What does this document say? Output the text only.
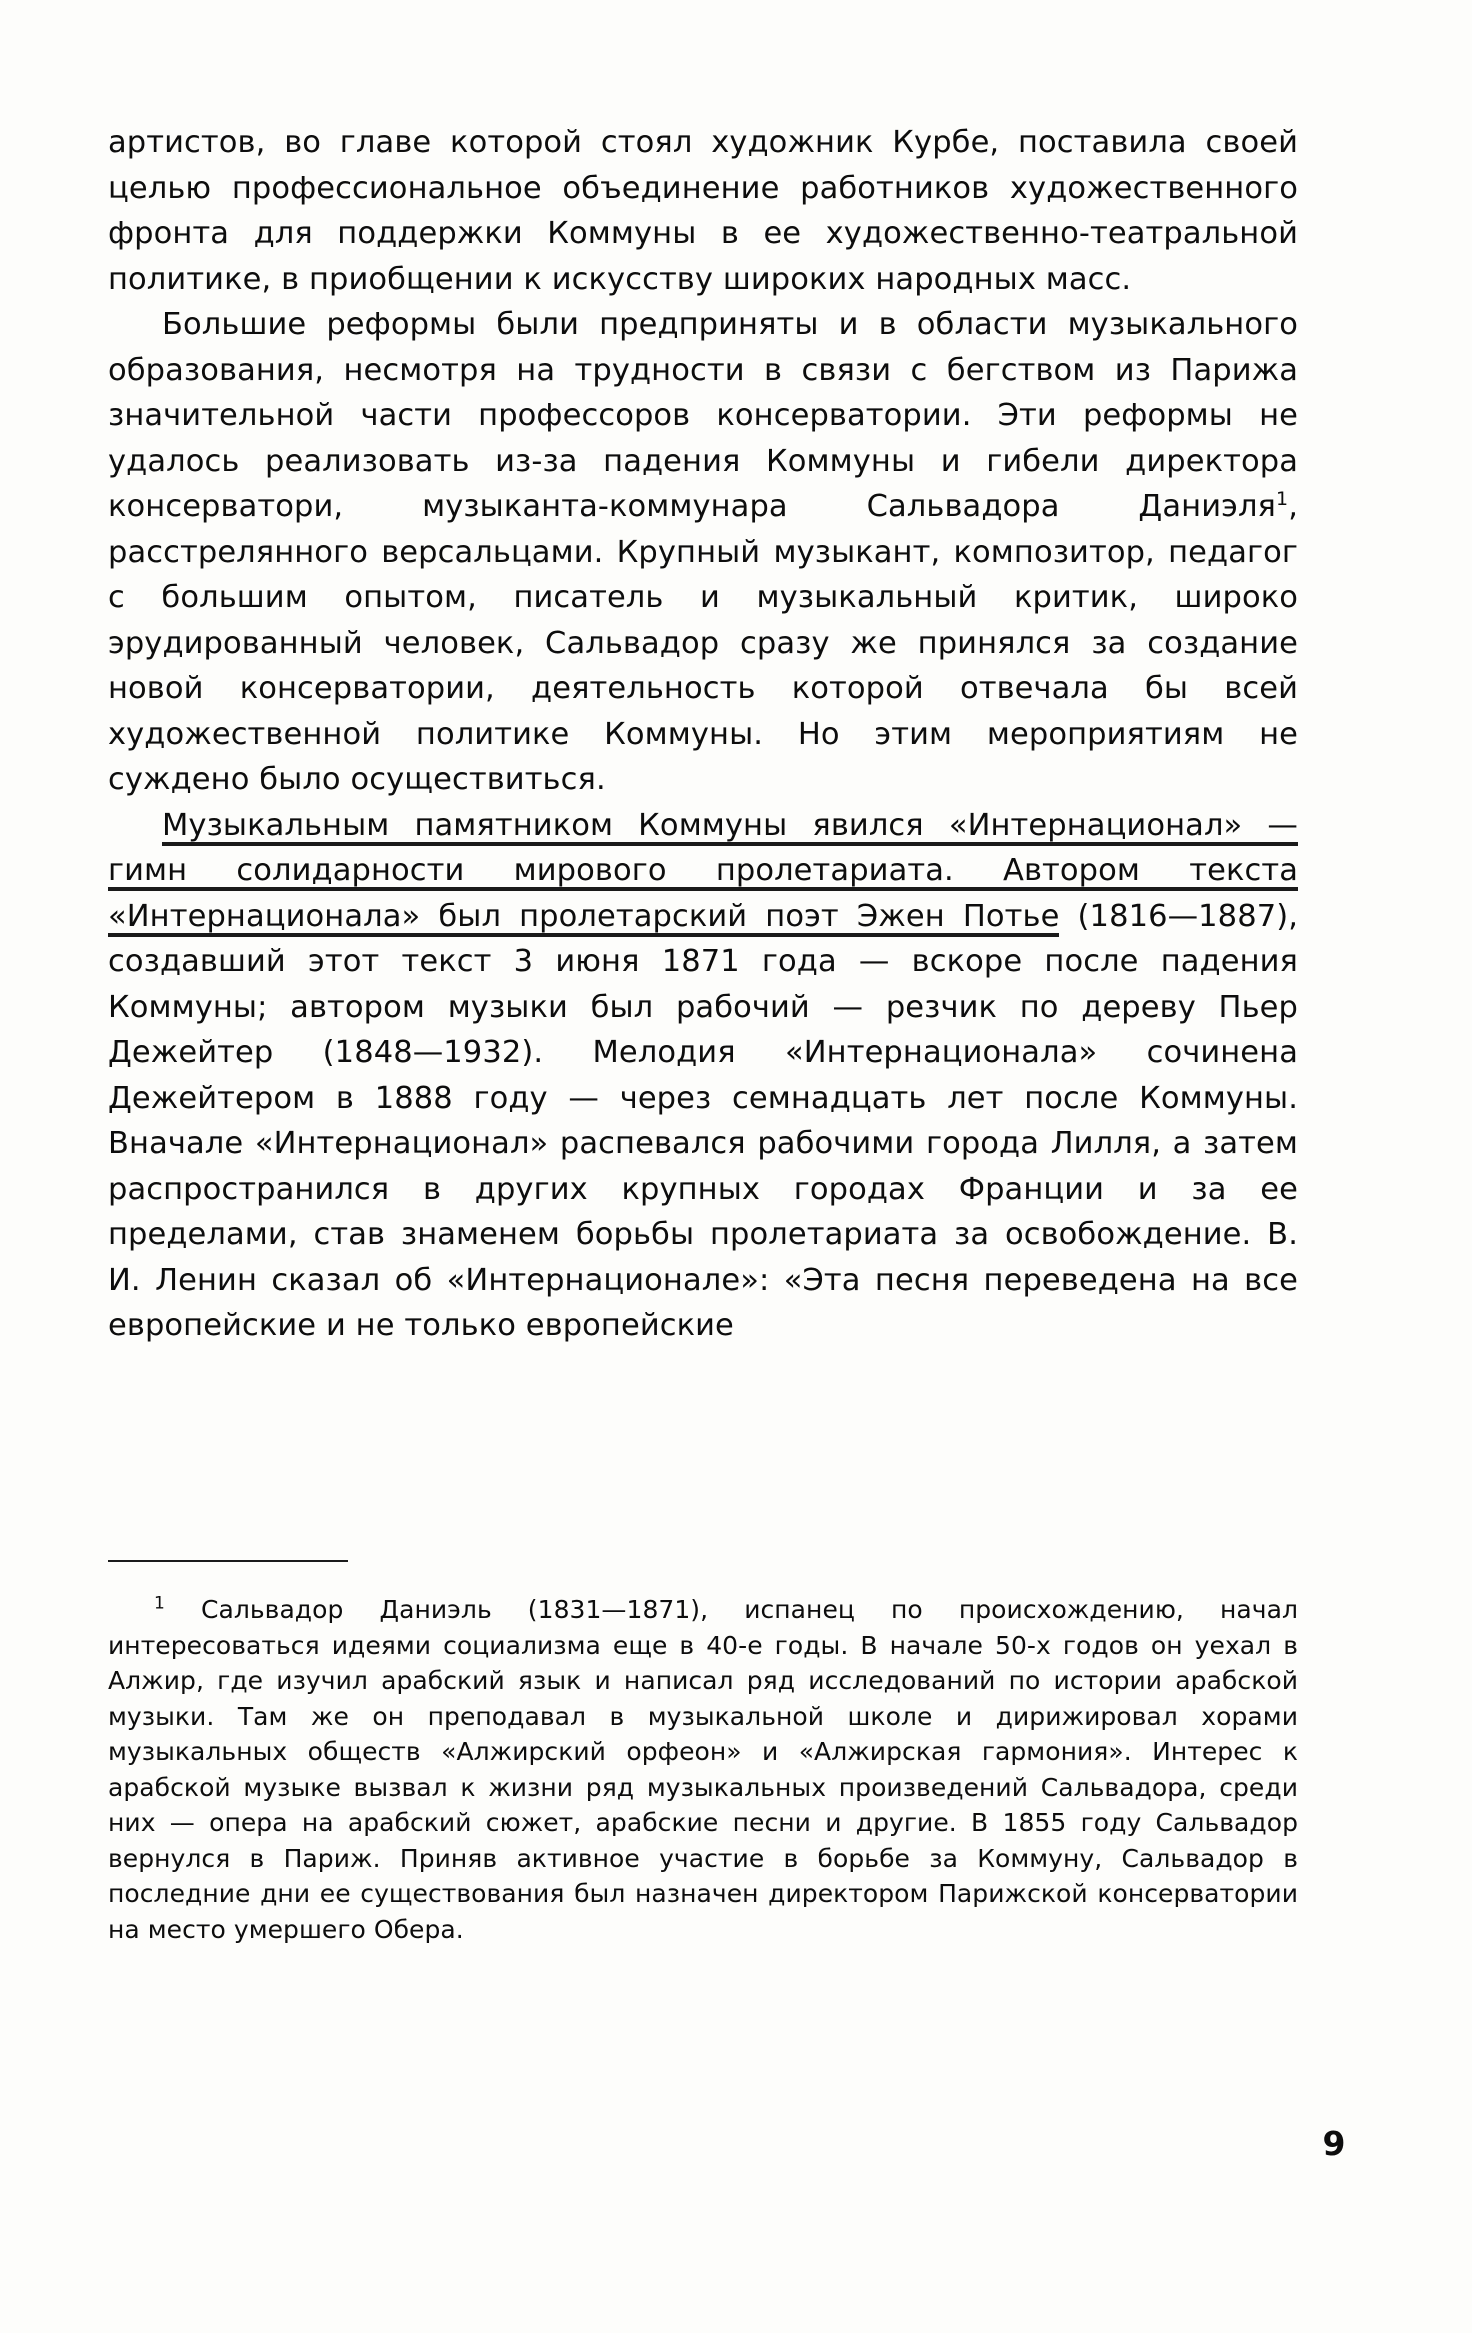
артистов, во главе которой стоял художник Курбе, поставила своей целью профессиональное объединение работников художественного фронта для поддержки Коммуны в ее художественно-театральной политике, в приобщении к искусству широких народных масс.

Большие реформы были предприняты и в области музыкального образования, несмотря на трудности в связи с бегством из Парижа значительной части профессоров консерватории. Эти реформы не удалось реализовать из-за падения Коммуны и гибели директора консерватори, музыканта-коммунара Сальвадора Даниэля$^1$, расстрелянного версальцами. Крупный музыкант, композитор, педагог с большим опытом, писатель и музыкальный критик, широко эрудированный человек, Сальвадор сразу же принялся за создание новой консерватории, деятельность которой отвечала бы всей художественной политике Коммуны. Но этим мероприятиям не суждено было осуществиться.

Музыкальным памятником Коммуны явился «Интернационал» — гимн солидарности мирового пролетариата. Автором текста «Интернационала» был пролетарский поэт Эжен Потье (1816—1887), создавший этот текст 3 июня 1871 года — вскоре после падения Коммуны; автором музыки был рабочий — резчик по дереву Пьер Дежейтер (1848—1932). Мелодия «Интернационала» сочинена Дежейтером в 1888 году — через семнадцать лет после Коммуны. Вначале «Интернационал» распевался рабочими города Лилля, а затем распространился в других крупных городах Франции и за ее пределами, став знаменем борьбы пролетариата за освобождение. В. И. Ленин сказал об «Интернационале»: «Эта песня переведена на все европейские и не только европейские

$^1$ Сальвадор Даниэль (1831—1871), испанец по происхождению, начал интересоваться идеями социализма еще в 40-е годы. В начале 50-х годов он уехал в Алжир, где изучил арабский язык и написал ряд исследований по истории арабской музыки. Там же он преподавал в музыкальной школе и дирижировал хорами музыкальных обществ «Алжирский орфеон» и «Алжирская гармония». Интерес к арабской музыке вызвал к жизни ряд музыкальных произведений Сальвадора, среди них — опера на арабский сюжет, арабские песни и другие. В 1855 году Сальвадор вернулся в Париж. Приняв активное участие в борьбе за Коммуну, Сальвадор в последние дни ее существования был назначен директором Парижской консерватории на место умершего Обера.

9
